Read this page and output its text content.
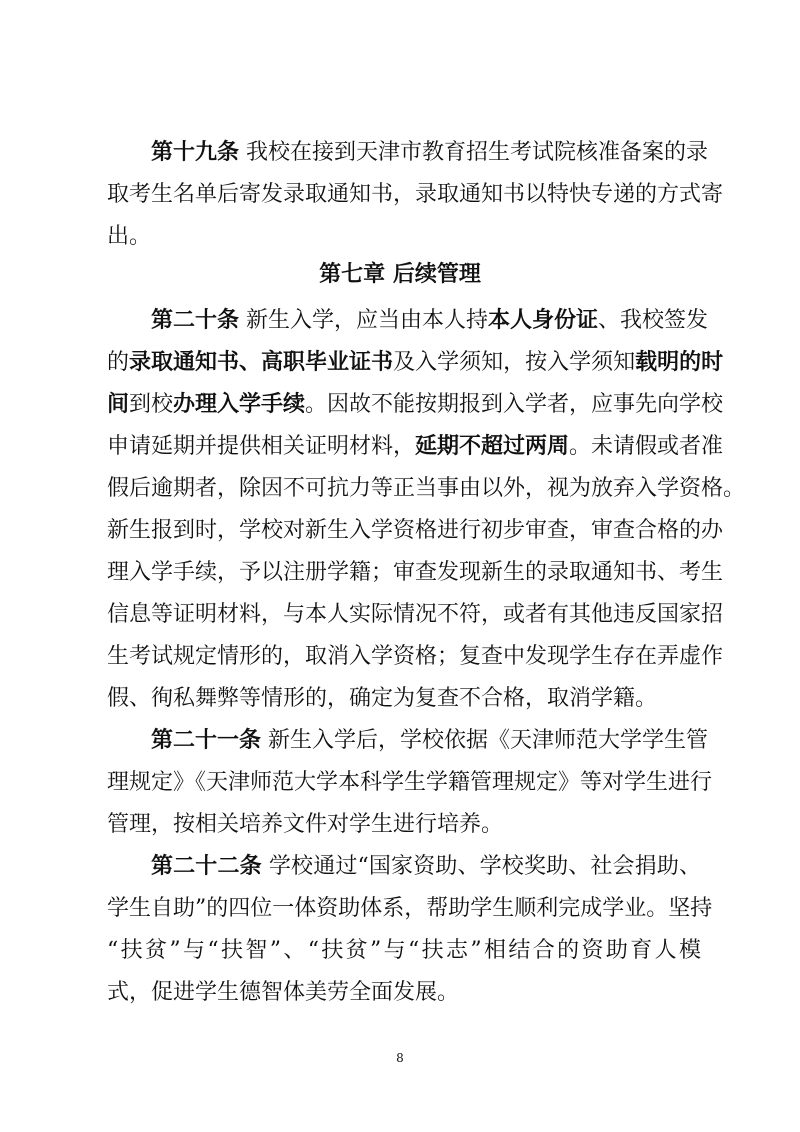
第十九条 我校在接到天津市教育招生考试院核准备案的录
取考生名单后寄发录取通知书，录取通知书以特快专递的方式寄
出。
第七章 后续管理
第二十条 新生入学，应当由本人持本人身份证、我校签发
的录取通知书、高职毕业证书及入学须知，按入学须知载明的时
间到校办理入学手续。因故不能按期报到入学者，应事先向学校
申请延期并提供相关证明材料，延期不超过两周。未请假或者准
假后逾期者，除因不可抗力等正当事由以外，视为放弃入学资格。
新生报到时，学校对新生入学资格进行初步审查，审查合格的办
理入学手续，予以注册学籍；审查发现新生的录取通知书、考生
信息等证明材料，与本人实际情况不符，或者有其他违反国家招
生考试规定情形的，取消入学资格；复查中发现学生存在弄虚作
假、徇私舞弊等情形的，确定为复查不合格，取消学籍。
第二十一条 新生入学后，学校依据《天津师范大学学生管
理规定》《天津师范大学本科学生学籍管理规定》等对学生进行
管理，按相关培养文件对学生进行培养。
第二十二条 学校通过“国家资助、学校奖助、社会捐助、
学生自助”的四位一体资助体系，帮助学生顺利完成学业。坚持
“扶贫”与“扶智”、“扶贫”与“扶志”相结合的资助育人模
式，促进学生德智体美劳全面发展。
8
